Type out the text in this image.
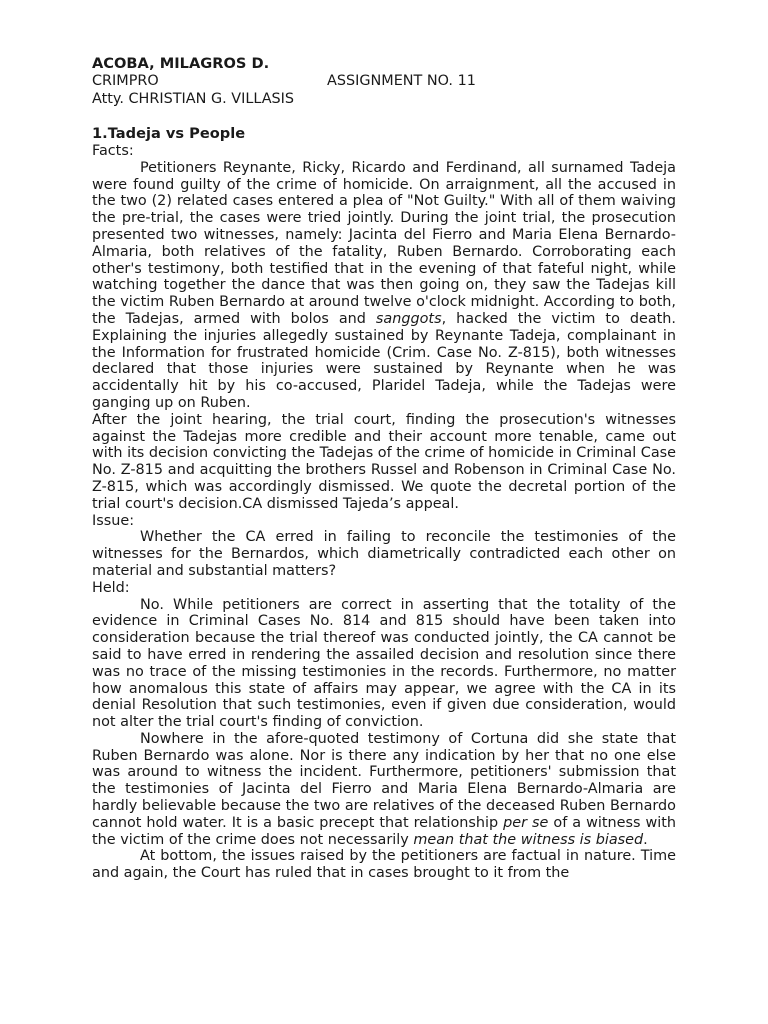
ACOBA, MILAGROS D.
CRIMPRO	ASSIGNMENT NO. 11
Atty. CHRISTIAN G. VILLASIS
1.Tadeja vs People
Facts:

Petitioners Reynante, Ricky, Ricardo and Ferdinand, all surnamed Tadeja were found guilty of the crime of homicide. On arraignment, all the accused in the two (2) related cases entered a plea of "Not Guilty." With all of them waiving the pre-trial, the cases were tried jointly. During the joint trial, the prosecution presented two witnesses, namely: Jacinta del Fierro and Maria Elena Bernardo-Almaria, both relatives of the fatality, Ruben Bernardo. Corroborating each other's testimony, both testified that in the evening of that fateful night, while watching together the dance that was then going on, they saw the Tadejas kill the victim Ruben Bernardo at around twelve o'clock midnight. According to both, the Tadejas, armed with bolos and sanggots, hacked the victim to death. Explaining the injuries allegedly sustained by Reynante Tadeja, complainant in the Information for frustrated homicide (Crim. Case No. Z-815), both witnesses declared that those injuries were sustained by Reynante when he was accidentally hit by his co-accused, Plaridel Tadeja, while the Tadejas were ganging up on Ruben.

After the joint hearing, the trial court, finding the prosecution's witnesses against the Tadejas more credible and their account more tenable, came out with its decision convicting the Tadejas of the crime of homicide in Criminal Case No. Z-815 and acquitting the brothers Russel and Robenson in Criminal Case No. Z-815, which was accordingly dismissed. We quote the decretal portion of the trial court's decision.CA dismissed Tajeda’s appeal.

Issue:

Whether the CA erred in failing to reconcile the testimonies of the witnesses for the Bernardos, which diametrically contradicted each other on material and substantial matters?

Held:

No. While petitioners are correct in asserting that the totality of the evidence in Criminal Cases No. 814 and 815 should have been taken into consideration because the trial thereof was conducted jointly, the CA cannot be said to have erred in rendering the assailed decision and resolution since there was no trace of the missing testimonies in the records. Furthermore, no matter how anomalous this state of affairs may appear, we agree with the CA in its denial Resolution that such testimonies, even if given due consideration, would not alter the trial court's finding of conviction.

Nowhere in the afore-quoted testimony of Cortuna did she state that Ruben Bernardo was alone. Nor is there any indication by her that no one else was around to witness the incident. Furthermore, petitioners' submission that the testimonies of Jacinta del Fierro and Maria Elena Bernardo-Almaria are hardly believable because the two are relatives of the deceased Ruben Bernardo cannot hold water. It is a basic precept that relationship per se of a witness with the victim of the crime does not necessarily mean that the witness is biased.

At bottom, the issues raised by the petitioners are factual in nature. Time and again, the Court has ruled that in cases brought to it from the
